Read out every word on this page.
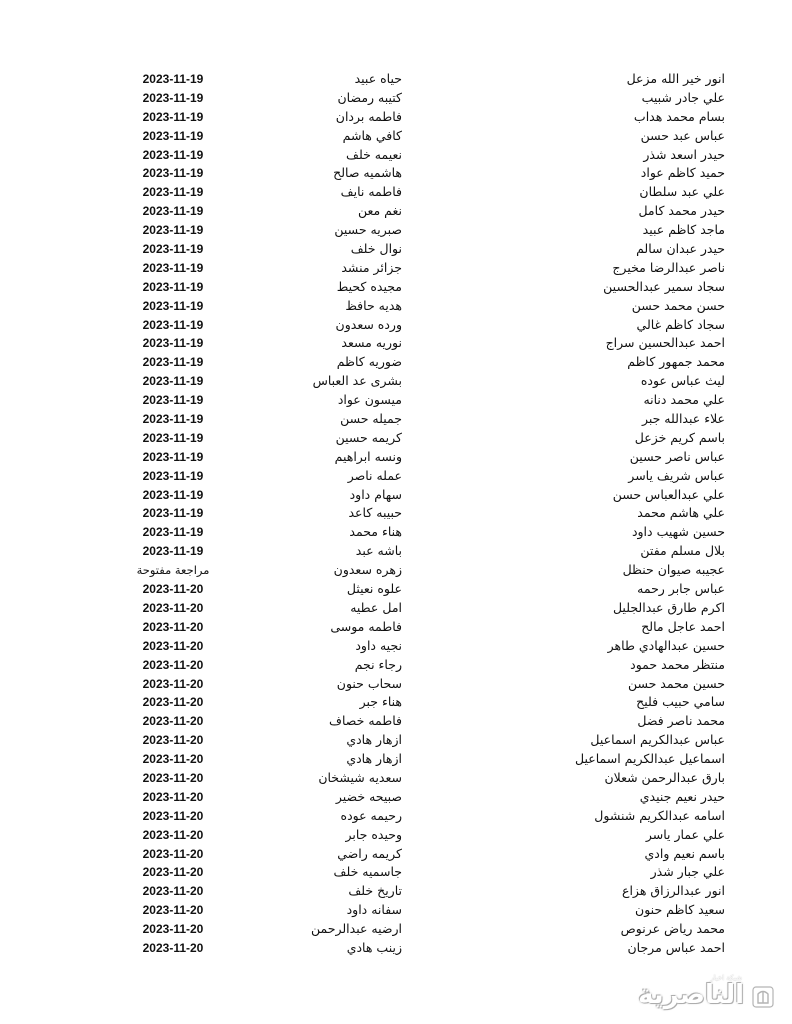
انور خير الله مزعل
حياه عبيد
2023-11-19
علي جادر شبيب
كتيبه رمضان
2023-11-19
بسام محمد هداب
فاطمه بردان
2023-11-19
عباس عبد حسن
كافي هاشم
2023-11-19
حيدر اسعد شذر
نعيمه خلف
2023-11-19
حميد كاظم عواد
هاشميه صالح
2023-11-19
علي عبد سلطان
فاطمه نايف
2023-11-19
حيدر محمد كامل
نغم معن
2023-11-19
ماجد كاظم عبيد
صبريه حسين
2023-11-19
حيدر عبدان سالم
نوال خلف
2023-11-19
ناصر عبدالرضا مخيرج
جزائر منشد
2023-11-19
سجاد سمير عبدالحسين
مجيده كحيط
2023-11-19
حسن محمد حسن
هديه حافظ
2023-11-19
سجاد كاظم غالي
ورده سعدون
2023-11-19
احمد عبدالحسين سراج
نوريه مسعد
2023-11-19
محمد جمهور كاظم
ضوريه كاظم
2023-11-19
ليث عباس عوده
بشرى عد العباس
2023-11-19
علي محمد دنانه
ميسون عواد
2023-11-19
علاء عبدالله جبر
جميله حسن
2023-11-19
باسم كريم خزعل
كريمه حسين
2023-11-19
عباس ناصر حسين
ونسه ابراهيم
2023-11-19
عباس شريف ياسر
عمله ناصر
2023-11-19
علي عبدالعباس حسن
سهام داود
2023-11-19
علي هاشم محمد
حبيبه كاعد
2023-11-19
حسين شهيب داود
هناء محمد
2023-11-19
بلال مسلم مفتن
باشه عبد
2023-11-19
عجيبه صيوان حنظل
زهره سعدون
مراجعة مفتوحة
عباس جابر رحمه
علوه نعيثل
2023-11-20
اكرم طارق عبدالجليل
امل عطيه
2023-11-20
احمد عاجل مالح
فاطمه موسى
2023-11-20
حسين عبدالهادي طاهر
نجيه داود
2023-11-20
منتظر محمد حمود
رجاء نجم
2023-11-20
حسين محمد حسن
سحاب حنون
2023-11-20
سامي حبيب فليح
هناء جبر
2023-11-20
محمد ناصر فضل
فاطمه خصاف
2023-11-20
عباس عبدالكريم اسماعيل
ازهار هادي
2023-11-20
اسماعيل عبدالكريم اسماعيل
ازهار هادي
2023-11-20
بارق عبدالرحمن شعلان
سعديه شيشخان
2023-11-20
حيدر نعيم جنيدي
صبيحه خضير
2023-11-20
اسامه عبدالكريم شنشول
رحيمه عوده
2023-11-20
علي عمار ياسر
وحيده جابر
2023-11-20
باسم نعيم وادي
كريمه راضي
2023-11-20
علي جبار شذر
جاسميه خلف
2023-11-20
انور عبدالرزاق هزاع
تاريخ خلف
2023-11-20
سعيد كاظم حنون
سفانه داود
2023-11-20
محمد رياض عرنوص
ارضيه عبدالرحمن
2023-11-20
احمد عباس مرجان
زينب هادي
2023-11-20
شبكة اخبار
الناصرية
